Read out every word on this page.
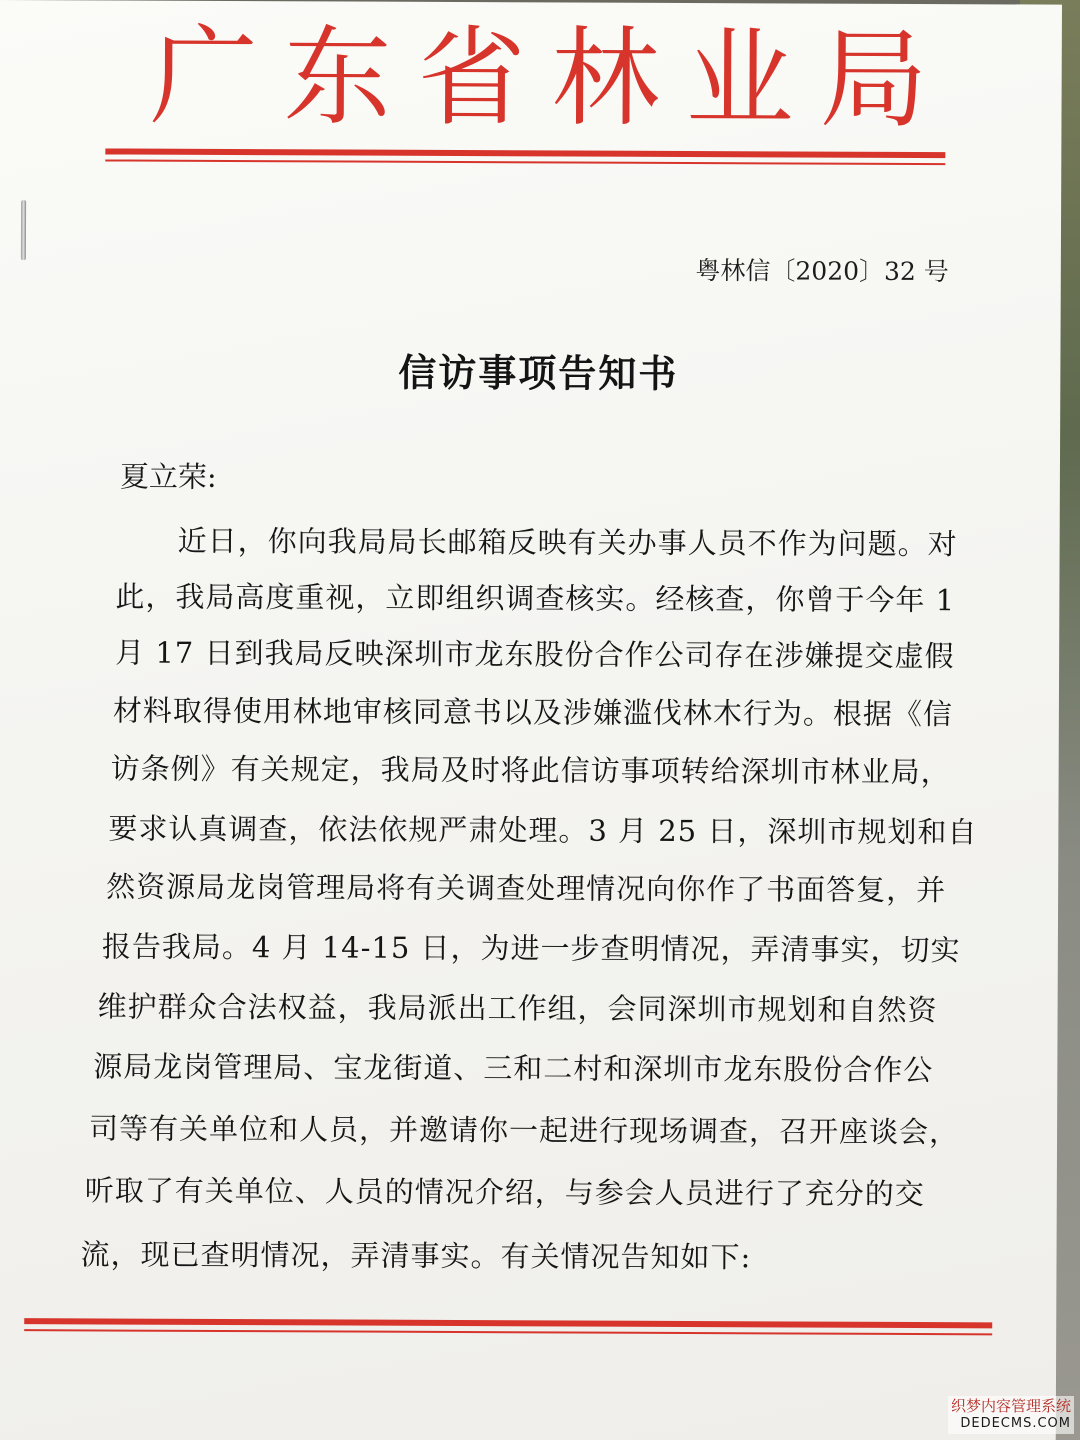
广东省林业局
粤林信〔2020〕32 号
信访事项告知书
夏立荣:
近日，你向我局局长邮箱反映有关办事人员不作为问题。对
此，我局高度重视，立即组织调查核实。经核查，你曾于今年 1
月 17 日到我局反映深圳市龙东股份合作公司存在涉嫌提交虚假
材料取得使用林地审核同意书以及涉嫌滥伐林木行为。根据《信
访条例》有关规定，我局及时将此信访事项转给深圳市林业局，
要求认真调查，依法依规严肃处理。3 月 25 日，深圳市规划和自
然资源局龙岗管理局将有关调查处理情况向你作了书面答复，并
报告我局。4 月 14-15 日，为进一步查明情况，弄清事实，切实
维护群众合法权益，我局派出工作组，会同深圳市规划和自然资
源局龙岗管理局、宝龙街道、三和二村和深圳市龙东股份合作公
司等有关单位和人员，并邀请你一起进行现场调查，召开座谈会，
听取了有关单位、人员的情况介绍，与参会人员进行了充分的交
流，现已查明情况，弄清事实。有关情况告知如下:
织梦内容管理系统
DEDECMS.COM
